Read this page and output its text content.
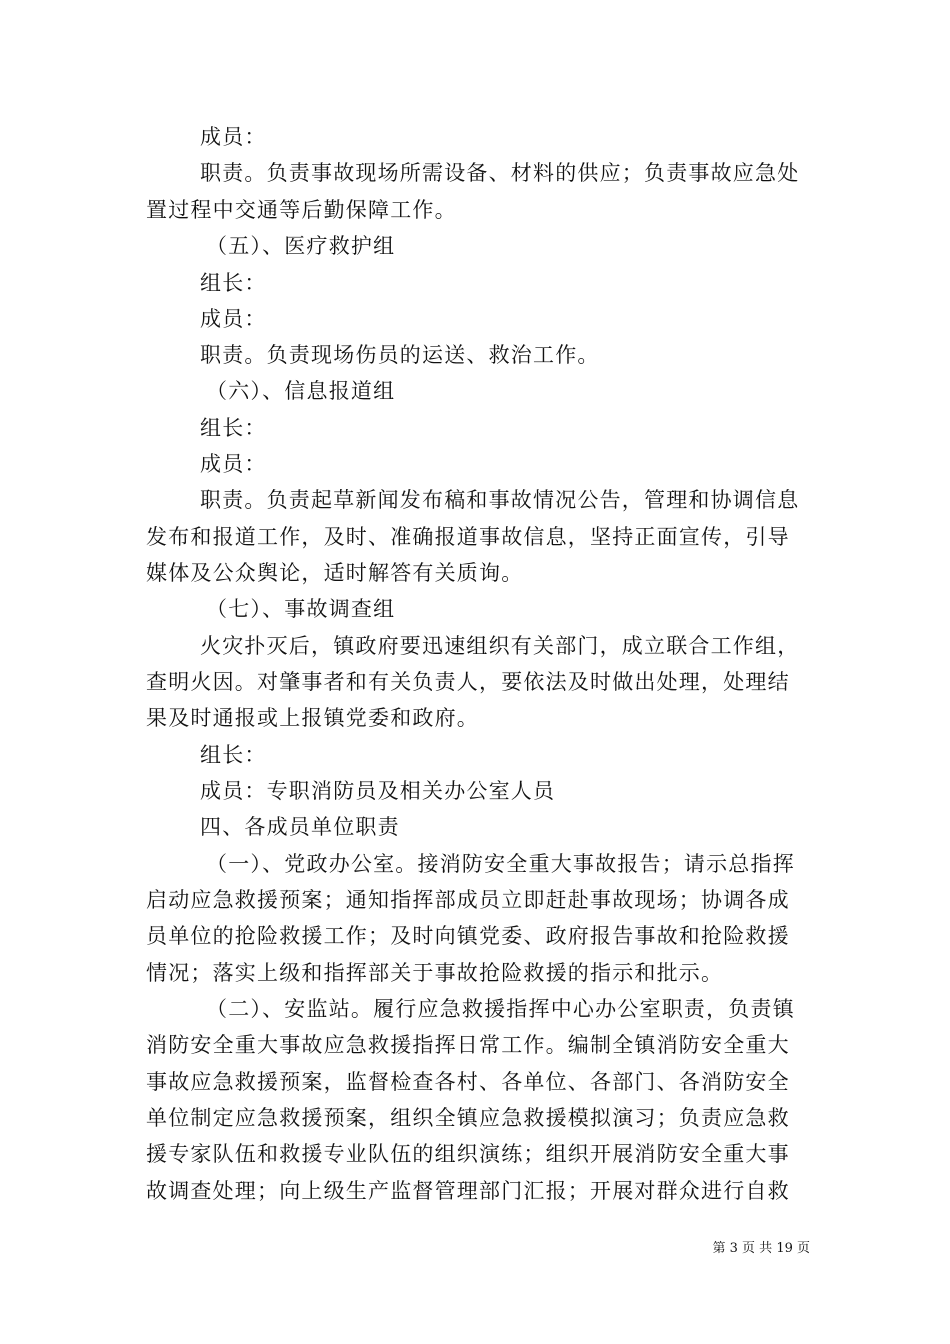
成员：
职责。负责事故现场所需设备、材料的供应；负责事故应急处
置过程中交通等后勤保障工作。
（五）、医疗救护组
组长：
成员：
职责。负责现场伤员的运送、救治工作。
（六）、信息报道组
组长：
成员：
职责。负责起草新闻发布稿和事故情况公告，管理和协调信息
发布和报道工作，及时、准确报道事故信息，坚持正面宣传，引导
媒体及公众舆论，适时解答有关质询。
（七）、事故调查组
火灾扑灭后，镇政府要迅速组织有关部门，成立联合工作组，
查明火因。对肇事者和有关负责人，要依法及时做出处理，处理结
果及时通报或上报镇党委和政府。
组长：
成员：专职消防员及相关办公室人员
四、各成员单位职责
（一）、党政办公室。接消防安全重大事故报告；请示总指挥
启动应急救援预案；通知指挥部成员立即赶赴事故现场；协调各成
员单位的抢险救援工作；及时向镇党委、政府报告事故和抢险救援
情况；落实上级和指挥部关于事故抢险救援的指示和批示。
（二）、安监站。履行应急救援指挥中心办公室职责，负责镇
消防安全重大事故应急救援指挥日常工作。编制全镇消防安全重大
事故应急救援预案，监督检查各村、各单位、各部门、各消防安全
单位制定应急救援预案，组织全镇应急救援模拟演习；负责应急救
援专家队伍和救援专业队伍的组织演练；组织开展消防安全重大事
故调查处理；向上级生产监督管理部门汇报；开展对群众进行自救
第 3 页 共 19 页
